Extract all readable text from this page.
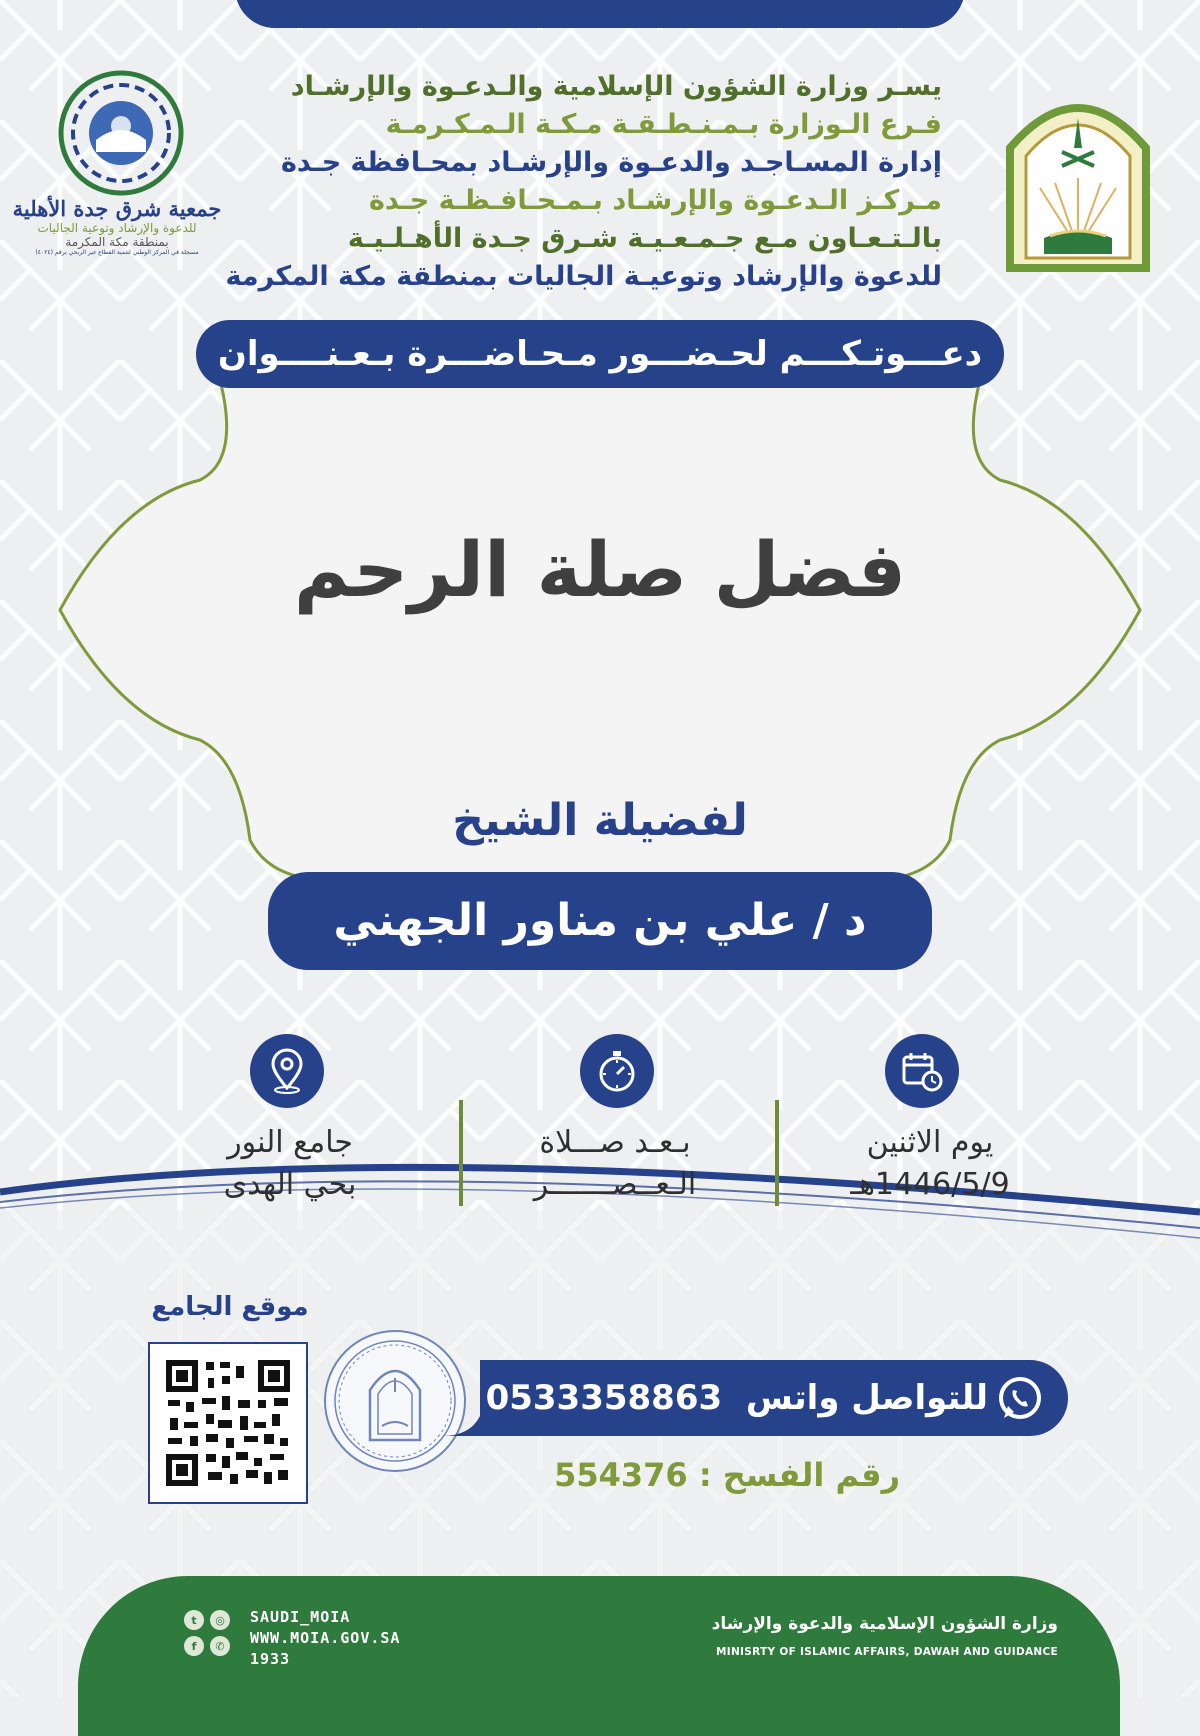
جمعية شرق جدة الأهلية
للدعوة والإرشاد وتوعية الجاليات
بمنطقة مكة المكرمة
مسجلة في المركز الوطني لتنمية القطاع غير الربحي برقم (٤٠٢٤)
يسـر وزارة الشؤون الإسلامية والـدعـوة والإرشـاد
فـرع الـوزارة بـمـنـطـقـة مـكـة الـمـكـرمـة
إدارة المسـاجـد والدعـوة والإرشـاد بمحـافظة جـدة
مـركـز الـدعـوة والإرشـاد بـمـحـافـظـة جـدة
بالـتـعـاون مـع جـمـعـيـة شـرق جـدة الأهـلـيـة
للدعوة والإرشاد وتوعيـة الجاليات بمنطقة مكة المكرمة
دعـــوتـكـــم لحـضـــور مـحـاضـــرة بـعـنــــوان
فضل صلة الرحم
لفضيلة الشيخ
د / علي بن مناور الجهني
يوم الاثنين
1446/5/9هـ
بـعـد صـــلاة
الـعــصـــــــر
جامع النور
بحي الهدى
موقع الجامع
للتواصل واتس  0533358863
رقم الفسح : 554376
وزارة الشؤون الإسلامية والدعوة والإرشاد
MINISRTY OF ISLAMIC AFFAIRS, DAWAH AND GUIDANCE
t	◎
f	✆
SAUDI_MOIA
WWW.MOIA.GOV.SA
1933
